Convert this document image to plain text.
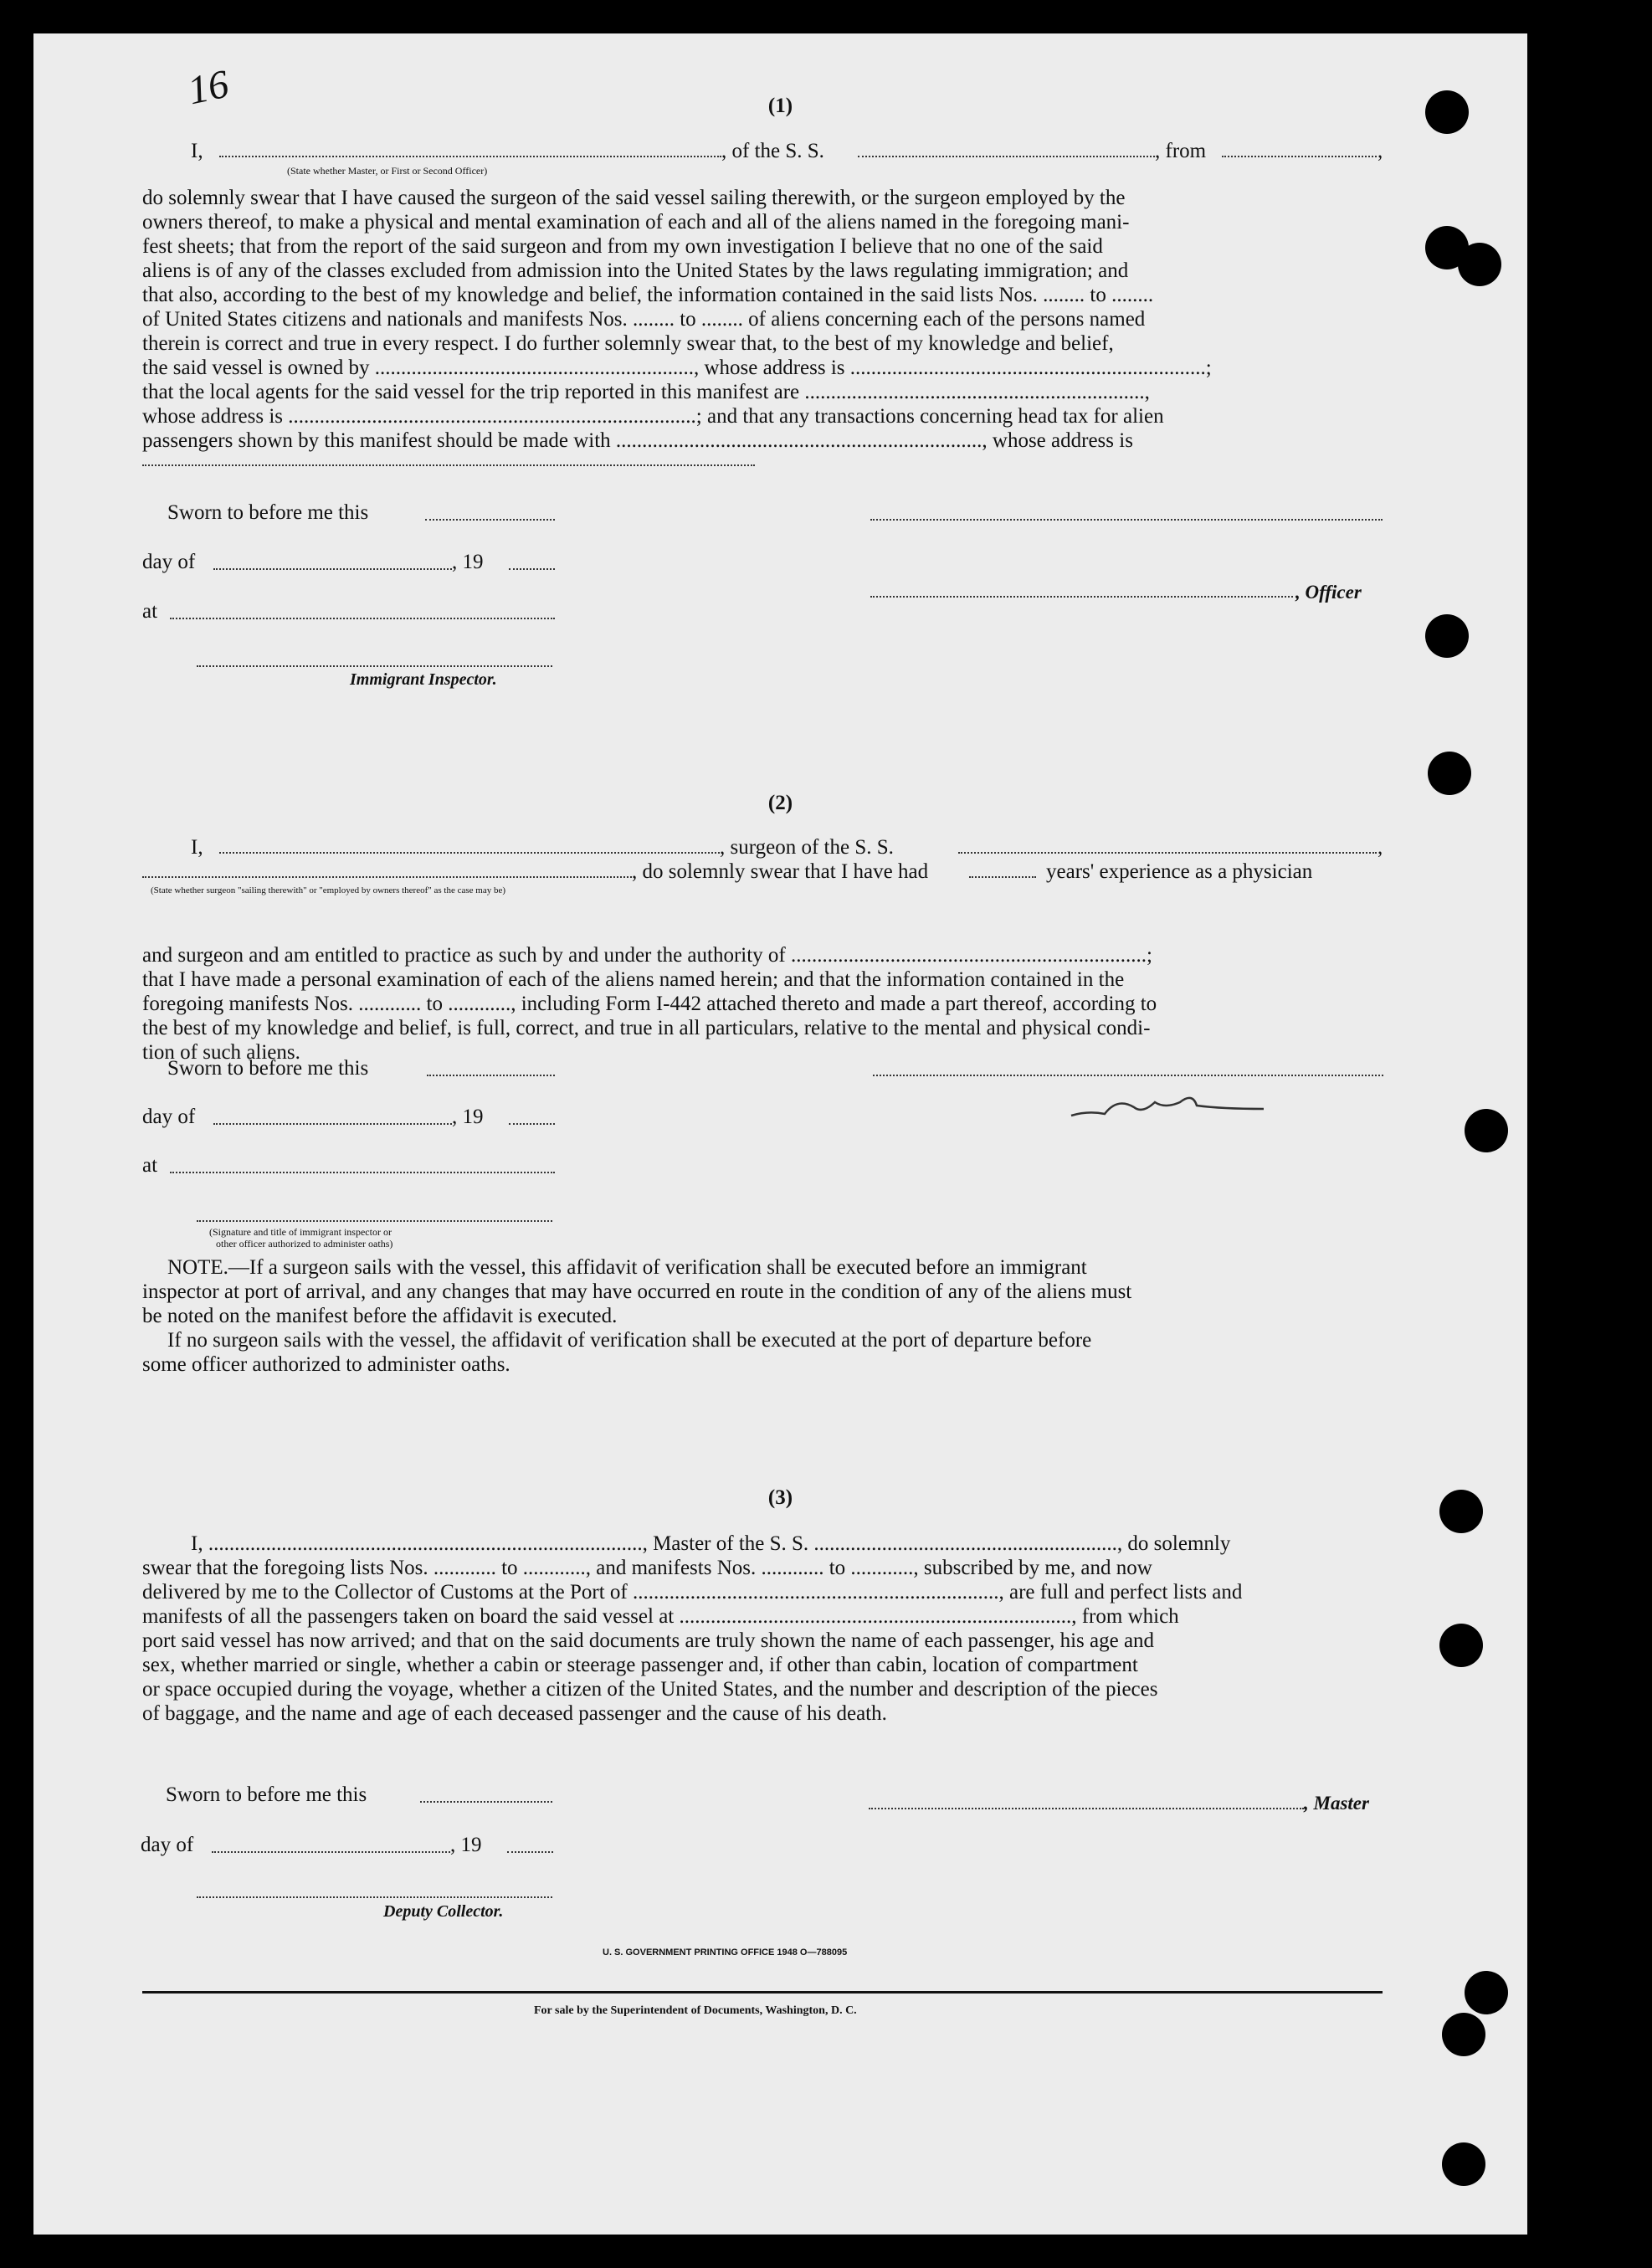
16	(1)
I,	, of the S. S.	, from	,
(State whether Master, or First or Second Officer)
do solemnly swear that I have caused the surgeon of the said vessel sailing therewith, or the surgeon employed by the
owners thereof, to make a physical and mental examination of each and all of the aliens named in the foregoing mani-
fest sheets; that from the report of the said surgeon and from my own investigation I believe that no one of the said
aliens is of any of the classes excluded from admission into the United States by the laws regulating immigration; and
that also, according to the best of my knowledge and belief, the information contained in the said lists Nos. ........ to ........
of United States citizens and nationals and manifests Nos. ........ to ........ of aliens concerning each of the persons named
therein is correct and true in every respect. I do further solemnly swear that, to the best of my knowledge and belief,
the said vessel is owned by ............................................................., whose address is ....................................................................;
that the local agents for the said vessel for the trip reported in this manifest are .................................................................,
whose address is ..............................................................................; and that any transactions concerning head tax for alien
passengers shown by this manifest should be made with ......................................................................, whose address is
Sworn to before me this
day of	, 19
, Officer
at
Immigrant Inspector.
(2)
I,	, surgeon of the S. S.	,
, do solemnly swear that I have had	years' experience as a physician
(State whether surgeon "sailing therewith" or "employed by owners thereof" as the case may be)
and surgeon and am entitled to practice as such by and under the authority of ....................................................................;
that I have made a personal examination of each of the aliens named herein; and that the information contained in the
foregoing manifests Nos. ............ to ............, including Form I-442 attached thereto and made a part thereof, according to
the best of my knowledge and belief, is full, correct, and true in all particulars, relative to the mental and physical condi-
tion of such aliens.
Sworn to before me this
day of	, 19
at
(Signature and title of immigrant inspector or
other officer authorized to administer oaths)
NOTE.—If a surgeon sails with the vessel, this affidavit of verification shall be executed before an immigrant
inspector at port of arrival, and any changes that may have occurred en route in the condition of any of the aliens must
be noted on the manifest before the affidavit is executed.
If no surgeon sails with the vessel, the affidavit of verification shall be executed at the port of departure before
some officer authorized to administer oaths.
(3)
I, ..................................................................................., Master of the S. S. .........................................................., do solemnly
swear that the foregoing lists Nos. ............ to ............, and manifests Nos. ............ to ............, subscribed by me, and now
delivered by me to the Collector of Customs at the Port of ......................................................................, are full and perfect lists and
manifests of all the passengers taken on board the said vessel at ..........................................................................., from which
port said vessel has now arrived; and that on the said documents are truly shown the name of each passenger, his age and
sex, whether married or single, whether a cabin or steerage passenger and, if other than cabin, location of compartment
or space occupied during the voyage, whether a citizen of the United States, and the number and description of the pieces
of baggage, and the name and age of each deceased passenger and the cause of his death.
Sworn to before me this	, Master
day of	, 19
Deputy Collector.
U. S. GOVERNMENT PRINTING OFFICE 1948 O—788095
For sale by the Superintendent of Documents, Washington, D. C.
